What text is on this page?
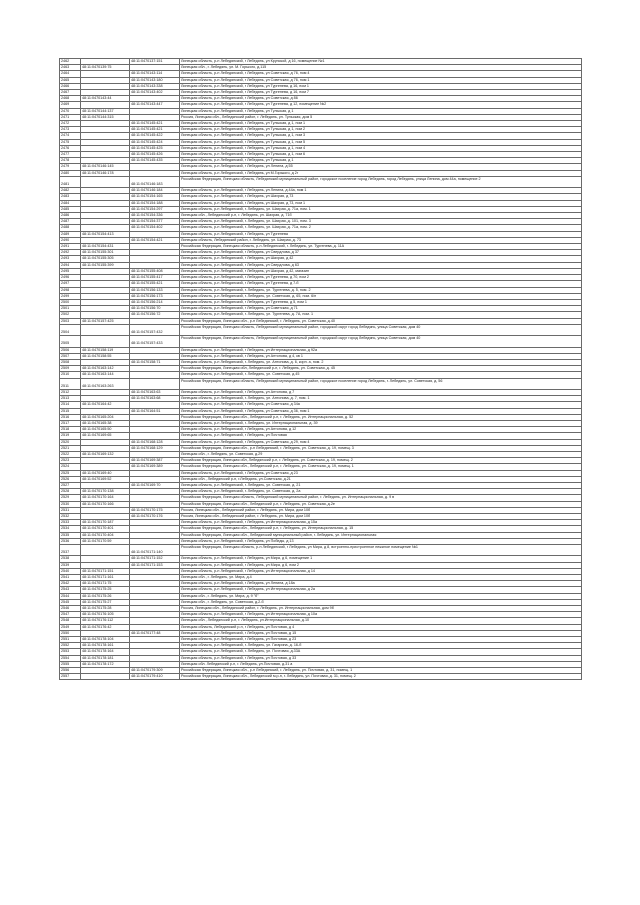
2462		48:11:0470137:151	Липецкая область, р-н Лебедянский, г Лебедянь, ул Крупской, д 16, помещение №1
2463	48:11:0470139:75		Липецкая обл., г. Лебедянь, ул. М. Горького, д.115
2464		48:11:0470143:114	Липецкая область, р-н Лебедянский, г Лебедянь, ул Советская, д 76, пом 4
2465		48:11:0470143:180	Липецкая область, р-н Лебедянский, г Лебедянь, ул Советская, д 76, пом 1
2466		48:11:0470143:338	Липецкая область, р-н Лебедянский, г Лебедянь, ул Тургенева, д 16, пом 1
2467		48:11:0470143:402	Липецкая область, р-н Лебедянский, г Лебедянь, ул Тургенева, д 16, пом 7
2468	48:11:0470143:44		Липецкая область, р-н Лебедянский, г Лебедянь, ул Советская, д 86
2469		48:11:0470143:447	Липецкая область, р-н Лебедянский, г Лебедянь, ул Тургенева, д 12, помещение №2
2470	48:11:0470144:137		Липецкая область, р-н Лебедянский, г Лебедянь, ул Тульская, д 1
2471	48:11:0470144:315		Россия, Липецкая обл., Лебедянский район, г. Лебедянь, ул. Тульская, дом 5
2472		48:11:0470145:421	Липецкая область, р-н Лебедянский, г Лебедянь, ул Тульская, д 1, пом 1
2473		48:11:0470145:421	Липецкая область, р-н Лебедянский, г Лебедянь, ул Тульская, д 1, пом 2
2474		48:11:0470145:422	Липецкая область, р-н Лебедянский, г Лебедянь, ул Тульская, д 1, пом 3
2475		48:11:0470145:424	Липецкая область, р-н Лебедянский, г Лебедянь, ул Тульская, д 1, пом 5
2476		48:11:0470145:425	Липецкая область, р-н Лебедянский, г Лебедянь, ул Тульская, д 1, пом 4
2477		48:11:0470145:426	Липецкая область, р-н Лебедянский, г Лебедянь, ул Тульская, д 1, пом 6
2478		48:11:0470145:435	Липецкая область, р-н Лебедянский, г Лебедянь, ул Тульская, д 1
2479	48:11:0470146:145		Липецкая область, р-н Лебедянский, г Лебедянь, ул Ленина, д 55
2480	48:11:0470146:178		Липецкая область, р-н Лебедянский, г Лебедянь, ул М.Горького, д 2г
2481		48:11:0470146:183	Российская Федерация, Липецкая область, Лебедянский муниципальный район, городское поселение город Лебедянь, город Лебедянь, улица Ленина, дом 44а, помещение 2
2482		48:11:0470146:184	Липецкая область, р-н Лебедянский, г Лебедянь, ул Ленина, д 44а, пом 1
2483		48:11:0470154:165	Липецкая область, р-н Лебедянский, г Лебедянь, ул Шахрая, д 73
2484		48:11:0470154:188	Липецкая область, р-н Лебедянский, г Лебедянь, ул Шахрая, д 73, пом 1
2485		48:11:0470154:297	Липецкая область, р-н Лебедянский, г. Лебедянь, ул. Шахрая, д. 71а, пом. 1
2486		48:11:0470154:336	Липецкая обл., Лебедянский р-н, г. Лебедянь, ул. Шахрая, д. 71б
2487		48:11:0470154:377	Липецкая область, р-н Лебедянский, г. Лебедянь, ул. Шахрая, д. 101, пом. 3
2488		48:11:0470154:402	Липецкая область, р-н Лебедянский, г. Лебедянь, ул. Шахрая, д. 71а, пом. 2
2489	48:11:0470154:413		Липецкая область, р-н Лебедянский, г Лебедянь, ул Тургенева
2490		48:11:0470154:421	Липецкая область, Лебедянский район, г. Лебедянь, ул. Шахрая, д. 73
2491	48:11:0470154:431		Российская Федерация, Липецкая область, р-н Лебедянский, г. Лебедянь, ул. Тургенева, д. 11А
2492	48:11:0470155:301		Липецкая область, р-н Лебедянский, г Лебедянь, ул Свердлова, д 37
2493	48:11:0470155:305		Липецкая область, р-н Лебедянский, г Лебедянь, ул Шахрая, д 42
2494	48:11:0470155:399		Липецкая область, р-н Лебедянский, г Лебедянь, ул Свердлова, д 63
2495		48:11:0470155:408	Липецкая область, р-н Лебедянский, г Лебедянь, ул Шахрая, д 42, магазин
2496		48:11:0470155:417	Липецкая область, р-н Лебедянский, г Лебедянь, ул Тургенева, д 70, пом 2
2497		48:11:0470155:421	Липецкая область, р-н Лебедянский, г Лебедянь, ул Тургенева, д 7-б
2498		48:11:0470156:133	Липецкая область, р-н Лебедянский, г. Лебедянь, ул. Тургенева, д. 5, пом. 2
2499		48:11:0470156:173	Липецкая область, р-н Лебедянский, г. Лебедянь, ул. Советская, д. 65, пом. 6/н
2500		48:11:0470156:214	Липецкая область, р-н Лебедянский, г Лебедянь, ул Тургенева, д 5, пом 1
2501		48:11:0470156:70	Липецкая область, р-н Лебедянский, г Лебедянь, ул Советская, д 71
2502		48:11:0470156:72	Липецкая область, р-н Лебедянский, г. Лебедянь, ул. Тургенева, д. 7А, пом. 1
2503	48:11:0470157:425		Российская Федерация, Липецкая обл., р-н Лебедянский, г. Лебедянь, ул. Советская, д.40
2504		48:11:0470157:432	Российская Федерация, Липецкая область, Лебедянский муниципальный район, городской округ город Лебедянь, улица Советская, дом 40
2505		48:11:0470157:433	Российская Федерация, Липецкая область, Лебедянский муниципальный район, городской округ город Лебедянь, улица Советская, дом 40
2506	48:11:0470158:119		Липецкая область, р-н Лебедянский, г Лебедянь, ул Интернациональная, д 92а
2507	48:11:0470158:55		Липецкая область, р-н Лебедянский, г Лебедянь, ул Антонова, д 4, кв 1
2508		48:11:0470158:71	Липецкая область, р-н Лебедянский, г. Лебедянь, ул. Антонова, д. 6, корп. а, пом. 2
2509	48:11:0470163:142		Российская Федерация, Липецкая обл, Лебедянский р-н, г. Лебедянь, ул. Советская, д. 45
2510	48:11:0470163:144		Липецкая область, р-н Лебедянский, г. Лебедянь, ул. Советская, д.45
2511	48:11:0470163:263		Российская Федерация, Липецкая область, Лебедянский муниципальный район, городское поселение город Лебедянь, г. Лебедянь, ул. Советская, д. 56
2512		48:11:0470163:63	Липецкая область, р-н Лебедянский, г Лебедянь, ул Антонова, д 7
2513		48:11:0470163:68	Липецкая область, р-н Лебедянский, г. Лебедянь, ул. Антонова, д. 7, пом. 1
2514	48:11:0470164:42		Липецкая область, р-н Лебедянский, г Лебедянь, ул Советская, д 34а
2515		48:11:0470164:51	Липецкая область, р-н Лебедянский, г Лебедянь, ул Советская, д 36, пом 1
2516	48:11:0470165:204		Российская Федерация, Липецкая обл., Лебедянский р-н, г. Лебедянь, ул. Интернациональная, д. 52
2517	48:11:0470165:38		Липецкая область, р-н Лебедянский, г. Лебедянь, ул. Интернациональная, д. 39
2518	48:11:0470165:50		Липецкая область, р-н Лебедянский, г Лебедянь, ул Антонова, д 12
2519	48:11:0470169:65		Липецкая область, р-н Лебедянский, г Лебедянь, ул Почтовая
2520		48:11:0470168:128	Липецкая область, р-н Лебедянский, г Лебедянь, ул Советская, д 29, пом 4
2521		48:11:0470168:129	Российская Федерация, Липецкая обл., р-н Лебедянский, г. Лебедянь, ул. Советская, д. 19, помещ. 3
2522	48:11:0470169:132		Липецкая обл., г. Лебедянь, ул. Советская, д.29
2523		48:11:0470169:387	Российская Федерация, Липецкая обл, Лебедянский р-н, г. Лебедянь, ул. Советская, д. 19, помещ. 2
2524		48:11:0470169:389	Российская Федерация, Липецкая обл., Лебедянский р-н, г. Лебедянь, ул. Советская, д. 19, помещ. 1
2525	48:11:0470169:40		Липецкая область, р-н Лебедянский, г Лебедянь, ул Советская, д 23
2526	48:11:0470169:52		Липецкая обл., Лебедянский р-н, г.Лебедянь, ул.Советская, д.21
2527		48:11:0470169:70	Липецкая область, р-н Лебедянский, г. Лебедянь, ул. Советская, д. 21
2528	48:11:0470170:138		Липецкая область, р-н Лебедянский, г. Лебедянь, ул. Советская, д. 2а
2529	48:11:0470170:164		Российская Федерация, Липецкая область, Лебедянский муниципальный район, г. Лебедянь, ул. Интернациональная, д. 9 в
2530	48:11:0470170:166		Российская Федерация, Липецкая обл., Лебедянский р-н, г. Лебедянь, ул. Советская, д.2е
2531		48:11:0470170:175	Россия, Липецкая обл., Лебедянский район, г. Лебедянь, ул. Мира, дом 10б
2532		48:11:0470170:176	Россия, Липецкая обл., Лебедянский район, г. Лебедянь, ул. Мира, дом 10б
2533	48:11:0470170:187		Липецкая область, р-н Лебедянский, г Лебедянь, ул Интернациональная, д 15а
2534	48:11:0470170:401		Российская Федерация, Липецкая обл., Лебедянский р-н, г. Лебедянь, ул. Интернациональная, д. 15
2535	48:11:0470170:404		Российская Федерация, Липецкая обл., Лебедянский муниципальный район, г. Лебедянь, ул. Интернациональная
2536	48:11:0470170:59		Липецкая область, р-н Лебедянский, г Лебедянь, ул Победы, д 13
2537		48:11:0470171:140	Российская Федерация, Липецкая область, р-н Лебедянский, г Лебедянь, ул Мира, д 8, встроенно-пристроенное нежилое помещение №1
2538		48:11:0470171:152	Липецкая область, р-н Лебедянский, г Лебедянь, ул Мира, д 6, помещение 1
2539		48:11:0470171:153	Липецкая область, р-н Лебедянский, г Лебедянь, ул Мира, д 6, пом 2
2540	48:11:0470171:151		Липецкая область, р-н Лебедянский, г Лебедянь, ул Интернациональная, д 14
2541	48:11:0470171:161		Липецкая обл., г. Лебедянь, ул. Мира, д.4
2542	48:11:0470171:75		Липецкая область, р-н Лебедянский, г Лебедянь, ул Ленина, д 18а
2543	48:11:0470175:25		Липецкая область, р-н Лебедянский, г Лебедянь, ул Интернациональная, д 2а
2544	48:11:0470175:26		Липецкая обл., г. Лебедянь, ул. Мира, д. 9 "б"
2545	48:11:0470175:27		Липецкая обл., г. Лебедянь, ул. Советская, д.2-б
2546	48:11:0470175:28		Россия, Липецкая обл., Лебедянский район, г. Лебедянь, ул. Интернациональная, дом 9б
2547	48:11:0470176:105		Липецкая область, р-н Лебедянский, г Лебедянь, ул Интернациональная, д 10а
2548	48:11:0470176:112		Липецкая обл., Лебедянский р-н, г. Лебедянь, ул.Интернациональная, д.10
2549	48:11:0470176:42		Липецкая область, Лебедянский р-н, г Лебедянь, ул Почтовая, д 4
2550		48:11:0470177:48	Липецкая область, р-н Лебедянский, г Лебедянь, ул Почтовая, д 15
2551	48:11:0470178:104		Липецкая область, р-н Лебедянский, г Лебедянь, ул Почтовая, д 23
2552	48:11:0470178:161		Липецкая область, р-н Лебедянский, г. Лебедянь, ул. Гагарина, д. 16-б
2553	48:11:0470178:164		Липецкая область, р-н Лебедянский, г. Лебедянь, ул. Почтовая, д.33А
2554	48:11:0470178:181		Липецкая область, р-н Лебедянский, г Лебедянь, ул Почтовая, д 33
2555	48:11:0470178:172		Липецкая обл. Лебедянский р-н, г. Лебедянь, ул.Почтовая, д.31 а
2556		48:11:0470179:309	Российская Федерация, Липецкая обл., р-н Лебедянский, г. Лебедянь, ул. Почтовая, д. 31, помещ. 1
2557		48:11:0470179:410	Российская Федерация, Липецкая обл., Лебедянский м.р-н, г. Лебедянь, ул. Почтовая, д. 31, помещ. 2
